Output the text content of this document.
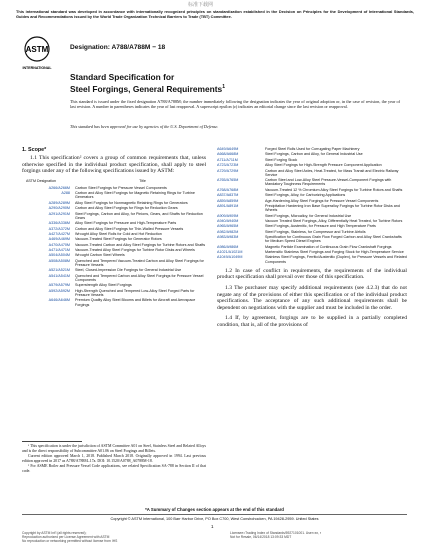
标准下载网
This international standard was developed in accordance with internationally recognized principles on standardization established in the Decision on Principles for the Development of International Standards, Guides and Recommendations issued by the World Trade Organization Technical Barriers to Trade (TBT) Committee.
ASTM
INTERNATIONAL
Designation: A788/A788M − 18
Standard Specification for
Steel Forgings, General Requirements$^1$
This standard is issued under the fixed designation A788/A788M; the number immediately following the designation indicates the year of original adoption or, in the case of revision, the year of last revision. A number in parentheses indicates the year of last reapproval. A superscript epsilon (ε) indicates an editorial change since the last revision or reapproval.
This standard has been approved for use by agencies of the U.S. Department of Defense.
1. Scope*

1.1 This specification² covers a group of common requirements that, unless otherwise specified in the individual product specification, shall apply to steel forgings under any of the following specifications issued by ASTM:

ASTM Designation	Title
A266/A266M	Carbon Steel Forgings for Pressure Vessel Components
A288	Carbon and Alloy Steel Forgings for Magnetic Retaining Rings for Turbine Generators
A289/A289M	Alloy Steel Forgings for Nonmagnetic Retaining Rings for Generators
A290/A290M	Carbon and Alloy Steel Forgings for Rings for Reduction Gears
A291/A291M	Steel Forgings, Carbon and Alloy, for Pinions, Gears, and Shafts for Reduction Gears
A336/A336M	Alloy Steel Forgings for Pressure and High-Temperature Parts
A372/A372M	Carbon and Alloy Steel Forgings for Thin-Walled Pressure Vessels
A427/A427M	Wrought Alloy Steel Rolls for Cold and Hot Reduction
A469/A469M	Vacuum-Treated Steel Forgings for Generator Rotors
A470/A470M	Vacuum-Treated Carbon and Alloy Steel Forgings for Turbine Rotors and Shafts
A471/A471M	Vacuum-Treated Alloy Steel Forgings for Turbine Rotor Disks and Wheels
A504/A504M	Wrought Carbon Steel Wheels
A508/A508M	Quenched and Tempered Vacuum-Treated Carbon and Alloy Steel Forgings for Pressure Vessels
A521/A521M	Steel, Closed-Impression Die Forgings for General Industrial Use
A541/A541M	Quenched and Tempered Carbon and Alloy Steel Forgings for Pressure Vessel Components
A579/A579M	Superstrength Alloy Steel Forgings
A592/A592M	High-Strength Quenched and Tempered Low-Alloy Steel Forged Parts for Pressure Vessels
A646/A646M	Premium Quality Alloy Steel Blooms and Billets for Aircraft and Aerospace Forgings
A649/A649M	Forged Steel Rolls Used for Corrugating Paper Machinery
A668/A668M	Steel Forgings, Carbon and Alloy, for General Industrial Use
A711/A711M	Steel Forging Stock
A723/A723M	Alloy Steel Forgings for High-Strength Pressure Component Application
A729/A729M	Carbon and Alloy Steel Axles, Heat-Treated, for Mass Transit and Electric Railway Service
A765/A765M	Carbon Steel and Low-Alloy Steel Pressure-Vessel-Component Forgings with Mandatory Toughness Requirements
A768/A768M	Vacuum-Treated 12 % Chromium Alloy Steel Forgings for Turbine Rotors and Shafts
A837/A837M	Steel Forgings, Alloy, for Carburizing Applications
A859/A859M	Age-Hardening Alloy Steel Forgings for Pressure Vessel Components
A891/A891M	Precipitation Hardening Iron Base Superalloy Forgings for Turbine Rotor Disks and Wheels
A909/A909M	Steel Forgings, Microalloy, for General Industrial Use
A940/A940M	Vacuum Treated Steel Forgings, Alloy, Differentially Heat Treated, for Turbine Rotors
A965/A965M	Steel Forgings, Austenitic, for Pressure and High Temperature Parts
A982/A982M	Steel Forgings, Stainless, for Compressor and Turbine Airfoils
A983/A983M	Specification for Continuous Grain Flow Forged Carbon and Alloy Steel Crankshafts for Medium Speed Diesel Engines
A986/A986M	Magnetic Particle Examination of Continuous Grain Flow Crankshaft Forgings
A1021/A1021M	Martensitic Stainless Steel Forgings and Forging Stock for High-Temperature Service
A1049/A1049M	Stainless Steel Forgings, Ferritic/Austenitic (Duplex), for Pressure Vessels and Related Components

1.2 In case of conflict in requirements, the requirements of the individual product specification shall prevail over those of this specification.

1.3 The purchaser may specify additional requirements (see 4.2.3) that do not negate any of the provisions of either this specification or of the individual product specifications. The acceptance of any such additional requirements shall be dependent on negotiations with the supplier and must be included in the order.

1.4 If, by agreement, forgings are to be supplied in a partially completed condition, that is, all of the provisions of

¹ This specification is under the jurisdiction of ASTM Committee A01 on Steel, Stainless Steel and Related Alloys and is the direct responsibility of Subcommittee A01.06 on Steel Forgings and Billets.

Current edition approved March 1, 2018. Published March 2018. Originally approved in 1994. Last previous edition approved in 2017 as A788/A788M–17a. DOI: 10.1520/A0788_A0788M-18.

² For ASME Boiler and Pressure Vessel Code applications, see related Specification SA-788 in Section II of that code.

*A Summary of Changes section appears at the end of this standard
Copyright © ASTM International, 100 Barr Harbor Drive, PO Box C700, West Conshohocken, PA 19428-2959. United States
1
Copyright by ASTM Int'l (all rights reserved);
Reproduction authorized per License Agreement with ASTM
No reproduction or networking permitted without license from IHS
Licensee=Trading Index of Standards/5927101001. User=xx, r
Not for Resale, 06/14/2018 13:09:33 MDT
